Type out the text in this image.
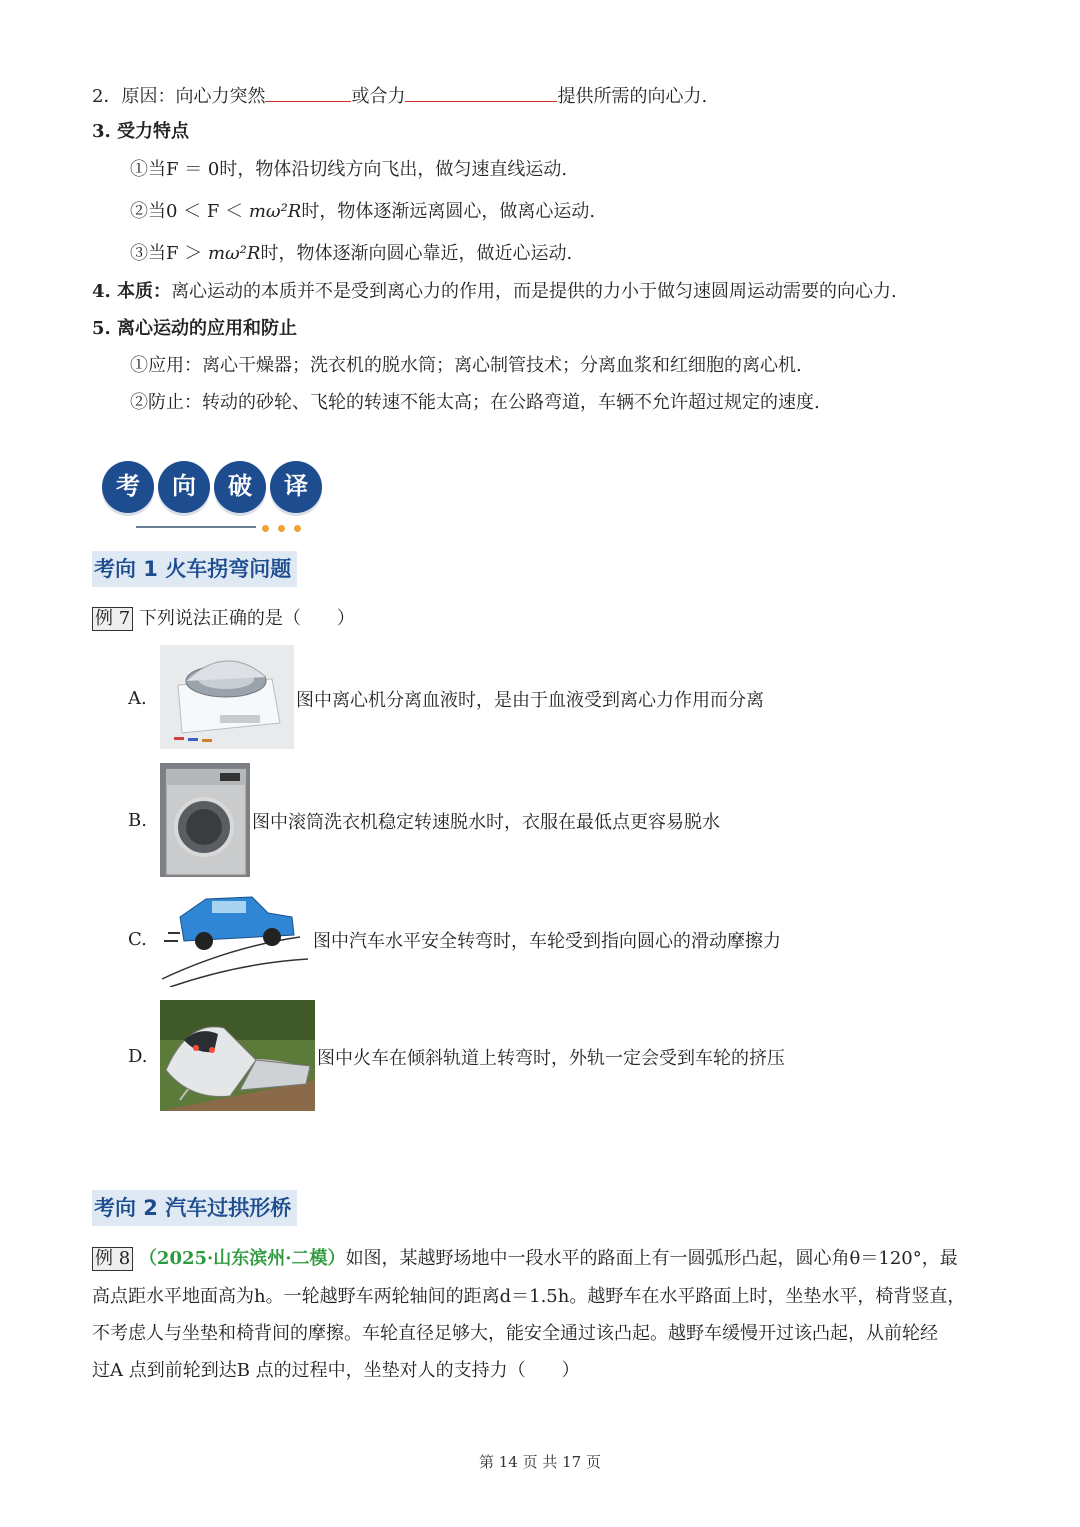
2．原因：向心力突然	或合力	提供所需的向心力.
3. 受力特点
①当F ＝ 0时，物体沿切线方向飞出，做匀速直线运动.
②当0 ＜ F ＜ mω²R时，物体逐渐远离圆心，做离心运动.
③当F ＞ mω²R时，物体逐渐向圆心靠近，做近心运动.
4. 本质：离心运动的本质并不是受到离心力的作用，而是提供的力小于做匀速圆周运动需要的向心力.
5. 离心运动的应用和防止
①应用：离心干燥器；洗衣机的脱水筒；离心制管技术；分离血浆和红细胞的离心机.
②防止：转动的砂轮、飞轮的转速不能太高；在公路弯道，车辆不允许超过规定的速度.
考	向	破	译
考向 1 火车拐弯问题
例 7 下列说法正确的是（　　）
A.	图中离心机分离血液时，是由于血液受到离心力作用而分离
B.	图中滚筒洗衣机稳定转速脱水时，衣服在最低点更容易脱水
C.	图中汽车水平安全转弯时，车轮受到指向圆心的滑动摩擦力
D.	图中火车在倾斜轨道上转弯时，外轨一定会受到车轮的挤压
考向 2 汽车过拱形桥
例 8 （2025·山东滨州·二模）如图，某越野场地中一段水平的路面上有一圆弧形凸起，圆心角θ＝120°，最
高点距水平地面高为h。一轮越野车两轮轴间的距离d＝1.5h。越野车在水平路面上时，坐垫水平，椅背竖直，
不考虑人与坐垫和椅背间的摩擦。车轮直径足够大，能安全通过该凸起。越野车缓慢开过该凸起，从前轮经
过A 点到前轮到达B 点的过程中，坐垫对人的支持力（　　）
第 14 页 共 17 页
